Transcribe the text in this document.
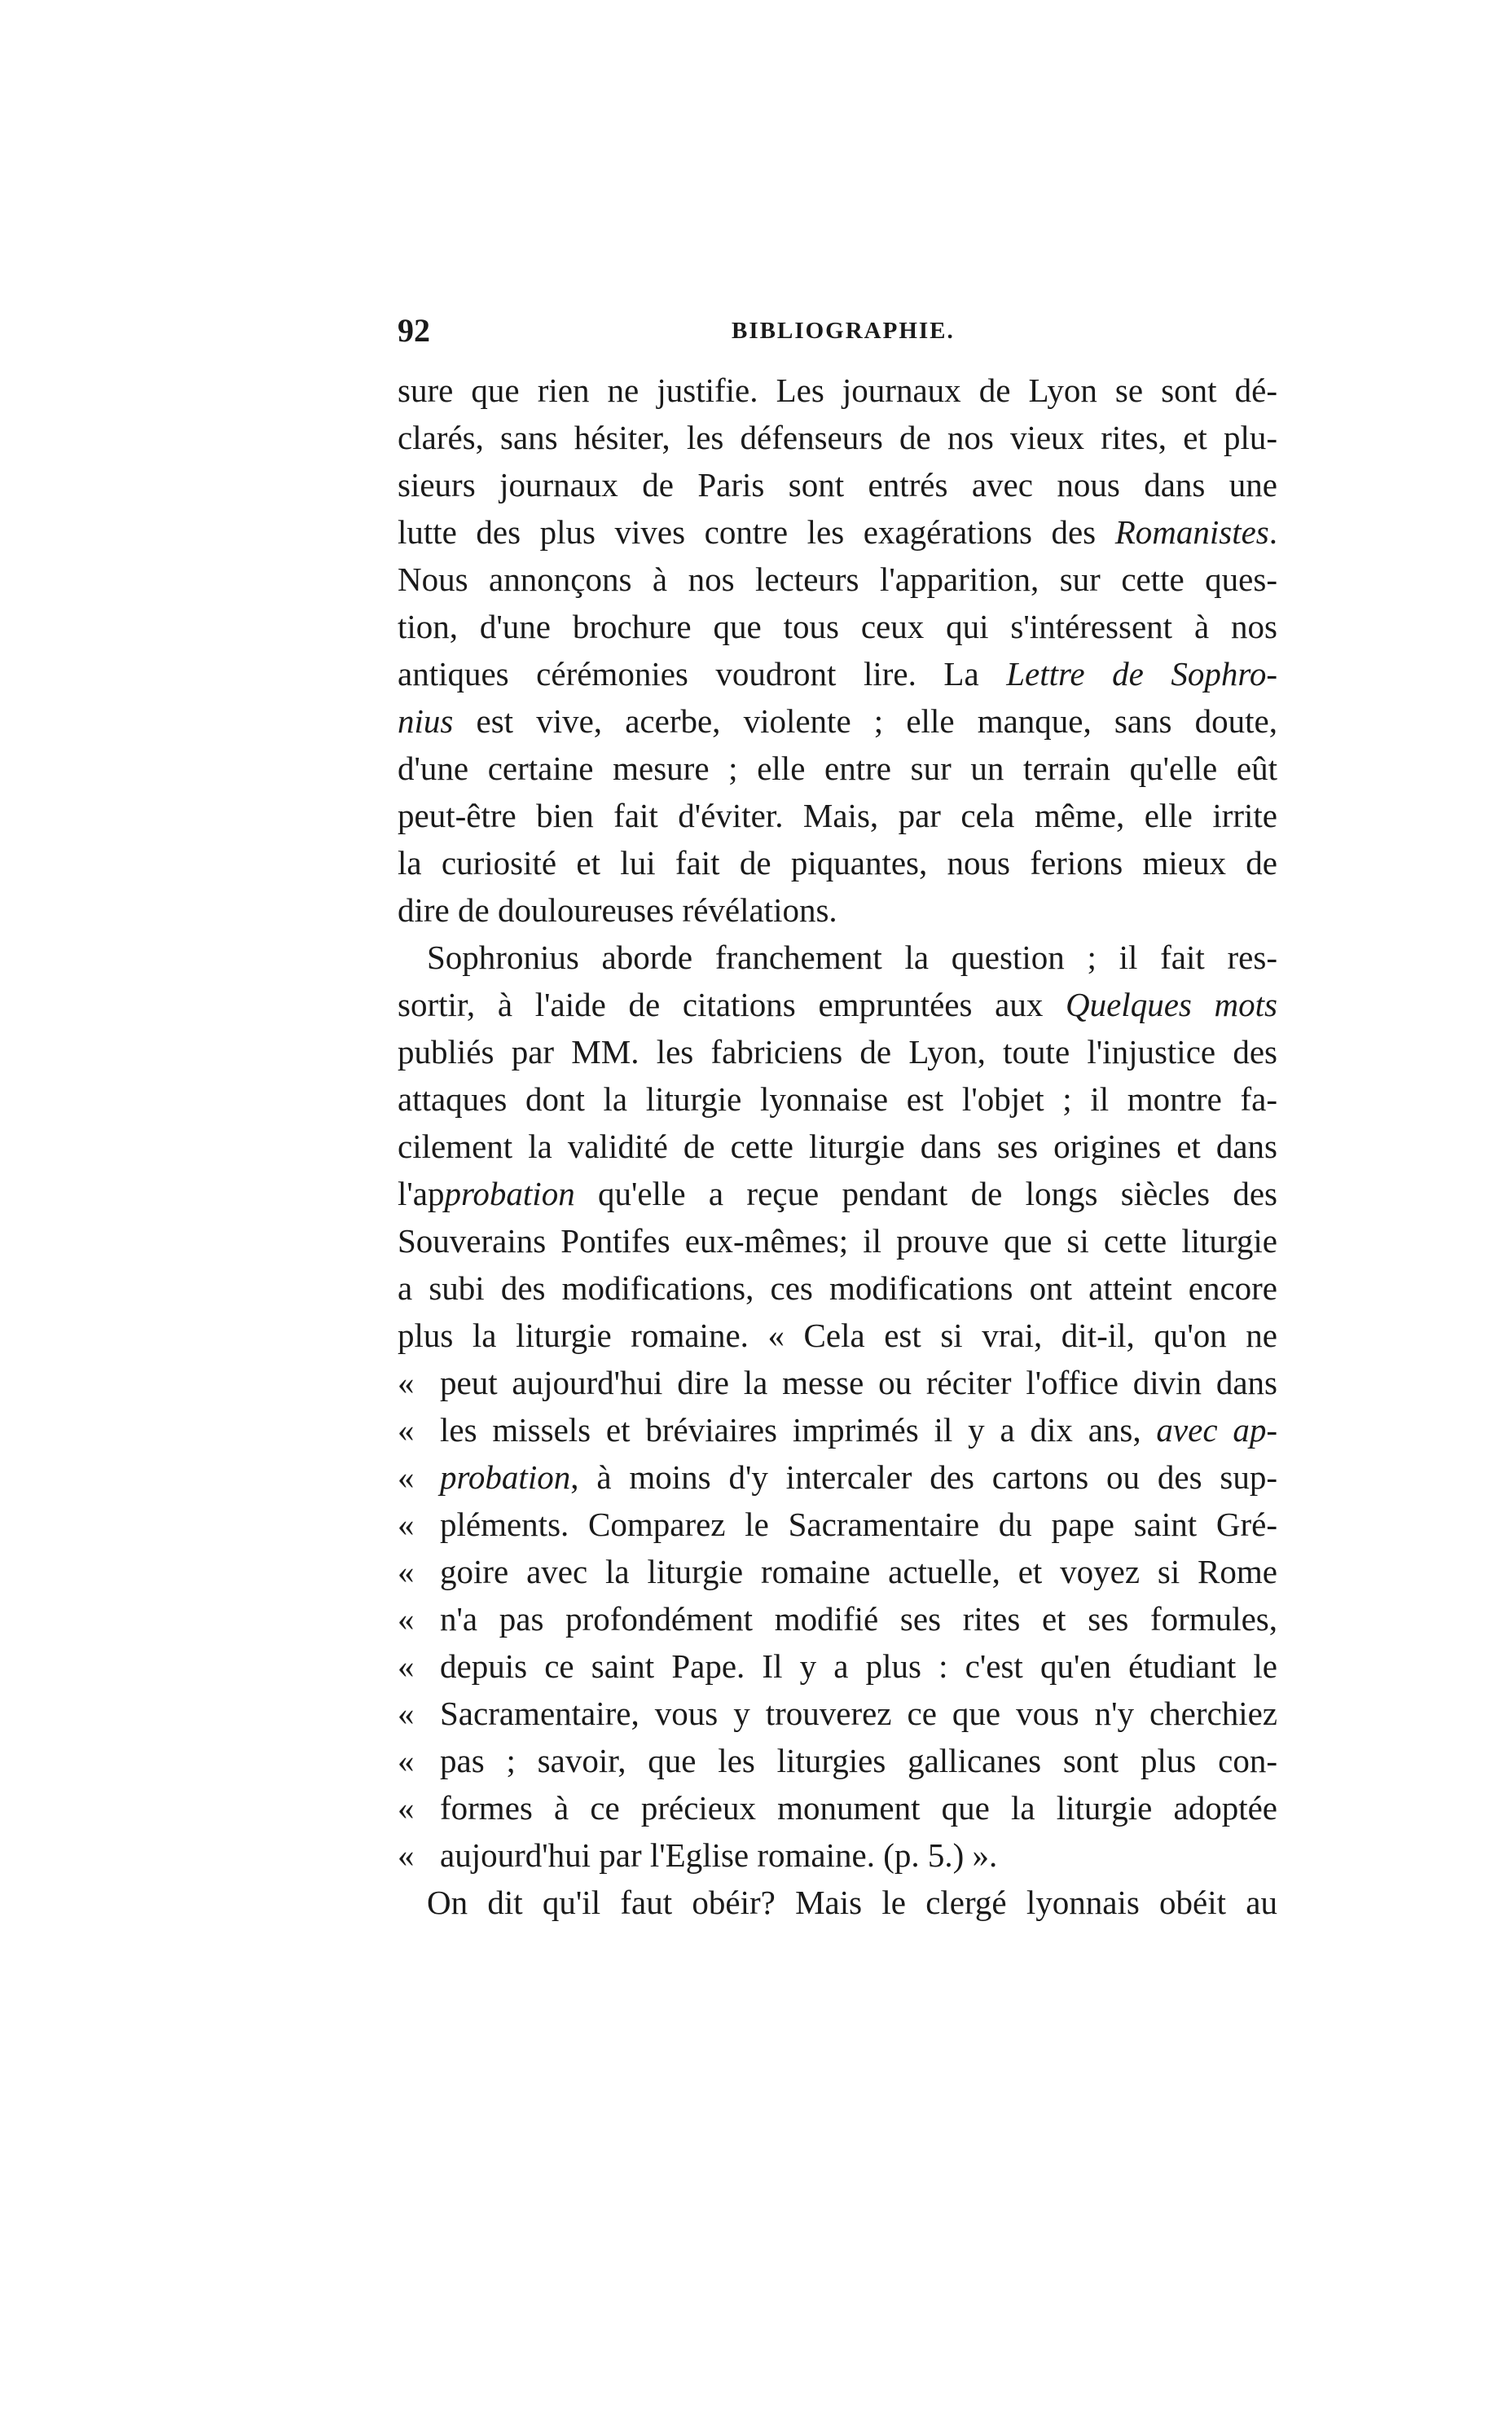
92	BIBLIOGRAPHIE.
sure que rien ne justifie. Les journaux de Lyon se sont dé-
clarés, sans hésiter, les défenseurs de nos vieux rites, et plu-
sieurs journaux de Paris sont entrés avec nous dans une
lutte des plus vives contre les exagérations des Romanistes.
Nous annonçons à nos lecteurs l'apparition, sur cette ques-
tion, d'une brochure que tous ceux qui s'intéressent à nos
antiques cérémonies voudront lire. La Lettre de Sophro-
nius est vive, acerbe, violente ; elle manque, sans doute,
d'une certaine mesure ; elle entre sur un terrain qu'elle eût
peut-être bien fait d'éviter. Mais, par cela même, elle irrite
la curiosité et lui fait de piquantes, nous ferions mieux de
dire de douloureuses révélations.
Sophronius aborde franchement la question ; il fait res-
sortir, à l'aide de citations empruntées aux Quelques mots
publiés par MM. les fabriciens de Lyon, toute l'injustice des
attaques dont la liturgie lyonnaise est l'objet ; il montre fa-
cilement la validité de cette liturgie dans ses origines et dans
l'approbation qu'elle a reçue pendant de longs siècles des
Souverains Pontifes eux-mêmes; il prouve que si cette liturgie
a subi des modifications, ces modifications ont atteint encore
plus la liturgie romaine. « Cela est si vrai, dit-il, qu'on ne
« peut aujourd'hui dire la messe ou réciter l'office divin dans
« les missels et bréviaires imprimés il y a dix ans, avec ap-
« probation, à moins d'y intercaler des cartons ou des sup-
« pléments. Comparez le Sacramentaire du pape saint Gré-
« goire avec la liturgie romaine actuelle, et voyez si Rome
« n'a pas profondément modifié ses rites et ses formules,
« depuis ce saint Pape. Il y a plus : c'est qu'en étudiant le
« Sacramentaire, vous y trouverez ce que vous n'y cherchiez
« pas ; savoir, que les liturgies gallicanes sont plus con-
« formes à ce précieux monument que la liturgie adoptée
« aujourd'hui par l'Eglise romaine. (p. 5.) ».
On dit qu'il faut obéir? Mais le clergé lyonnais obéit au
